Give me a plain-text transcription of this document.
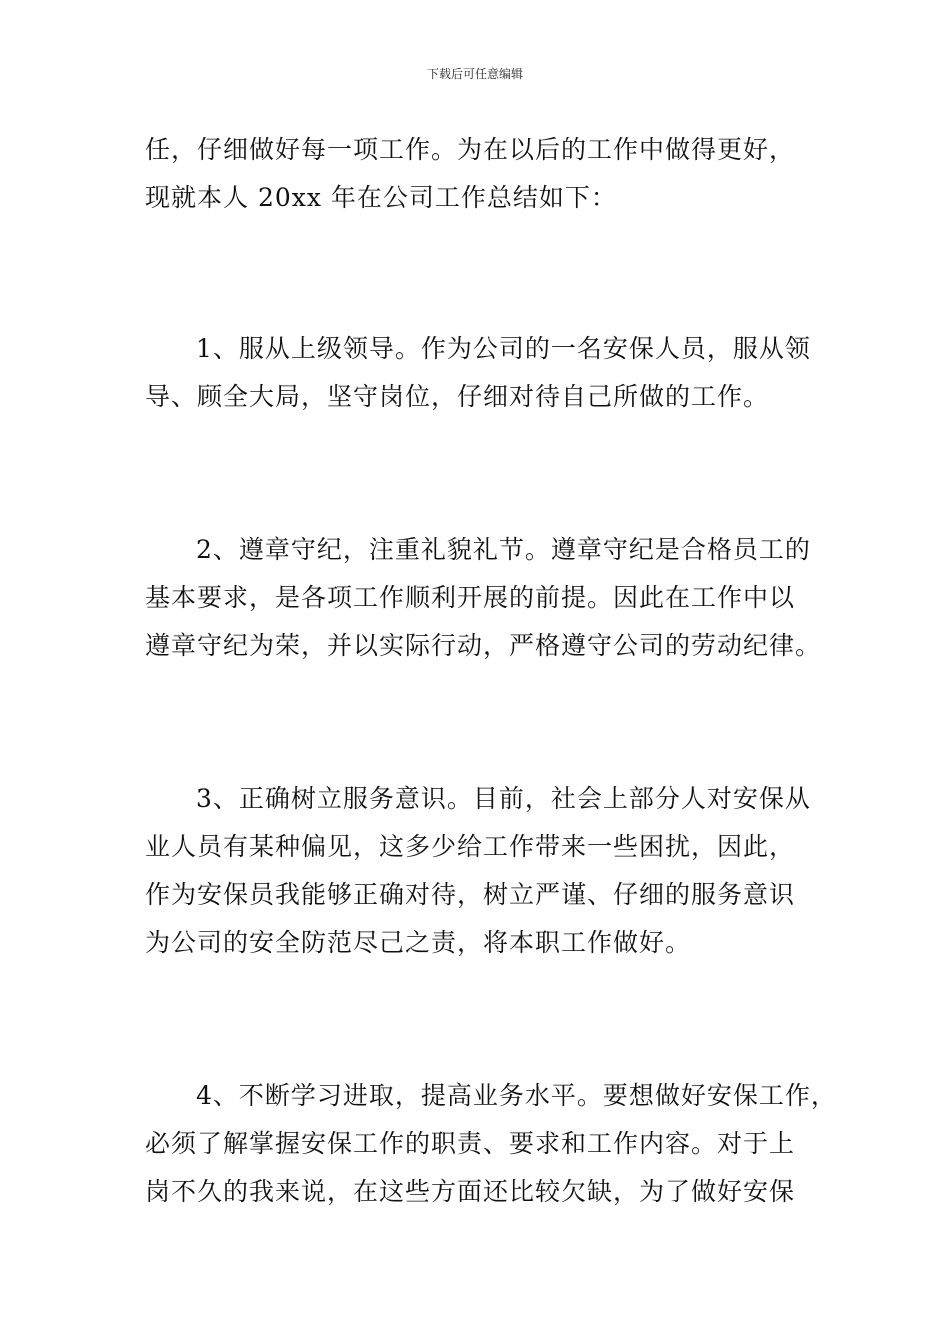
下载后可任意编辑

任，仔细做好每一项工作。为在以后的工作中做得更好，
现就本人 20xx 年在公司工作总结如下：

1、服从上级领导。作为公司的一名安保人员，服从领
导、顾全大局，坚守岗位，仔细对待自己所做的工作。

2、遵章守纪，注重礼貌礼节。遵章守纪是合格员工的
基本要求，是各项工作顺利开展的前提。因此在工作中以
遵章守纪为荣，并以实际行动，严格遵守公司的劳动纪律。

3、正确树立服务意识。目前，社会上部分人对安保从
业人员有某种偏见，这多少给工作带来一些困扰，因此，
作为安保员我能够正确对待，树立严谨、仔细的服务意识
为公司的安全防范尽己之责，将本职工作做好。

4、不断学习进取，提高业务水平。要想做好安保工作，
必须了解掌握安保工作的职责、要求和工作内容。对于上
岗不久的我来说，在这些方面还比较欠缺，为了做好安保
